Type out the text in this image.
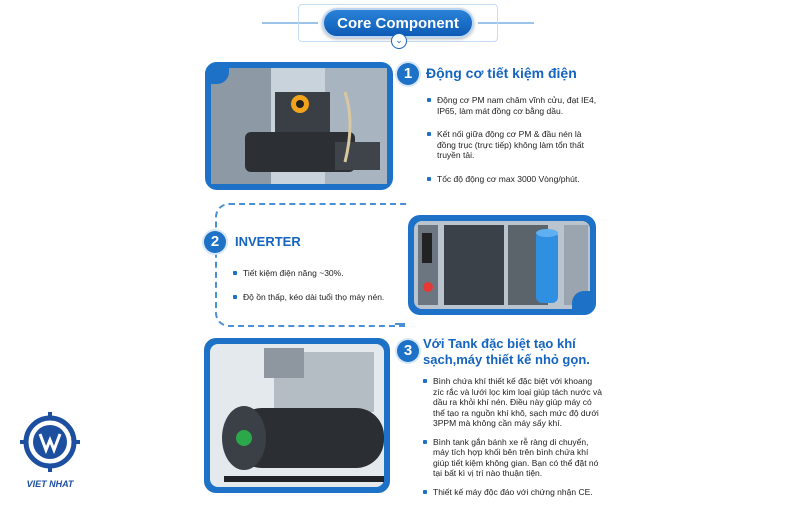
Core Component
⌄
1 Động cơ tiết kiệm điện
Động cơ PM nam châm vĩnh cửu, đạt IE4, IP65, làm mát đồng cơ bằng dầu.
Kết nối giữa động cơ PM & đầu nén là đồng trục (trực tiếp) không làm tổn thất truyền tải.
Tốc độ động cơ max 3000 Vòng/phút.
2	INVERTER
Tiết kiệm điện năng ~30%.
Độ ồn thấp, kéo dài tuổi thọ máy nén.
3 Với Tank đặc biệt tạo khí
sạch,máy thiết kế nhỏ gọn.
Bình chứa khí thiết kế đặc biệt với khoang zíc rắc và lưới lọc kim loại giúp tách nước và dầu ra khỏi khí nén. Điều này giúp máy có thể tạo ra nguồn khí khô, sạch mức độ dưới 3PPM mà không cần máy sấy khí.
Bình tank gắn bánh xe rễ ràng di chuyển, máy tích hợp khối bên trên bình chứa khí giúp tiết kiệm không gian. Bạn có thể đặt nó tại bất kì vị trí nào thuận tiện.
Thiết kế máy độc đáo với chứng nhận CE.
VIET NHAT
